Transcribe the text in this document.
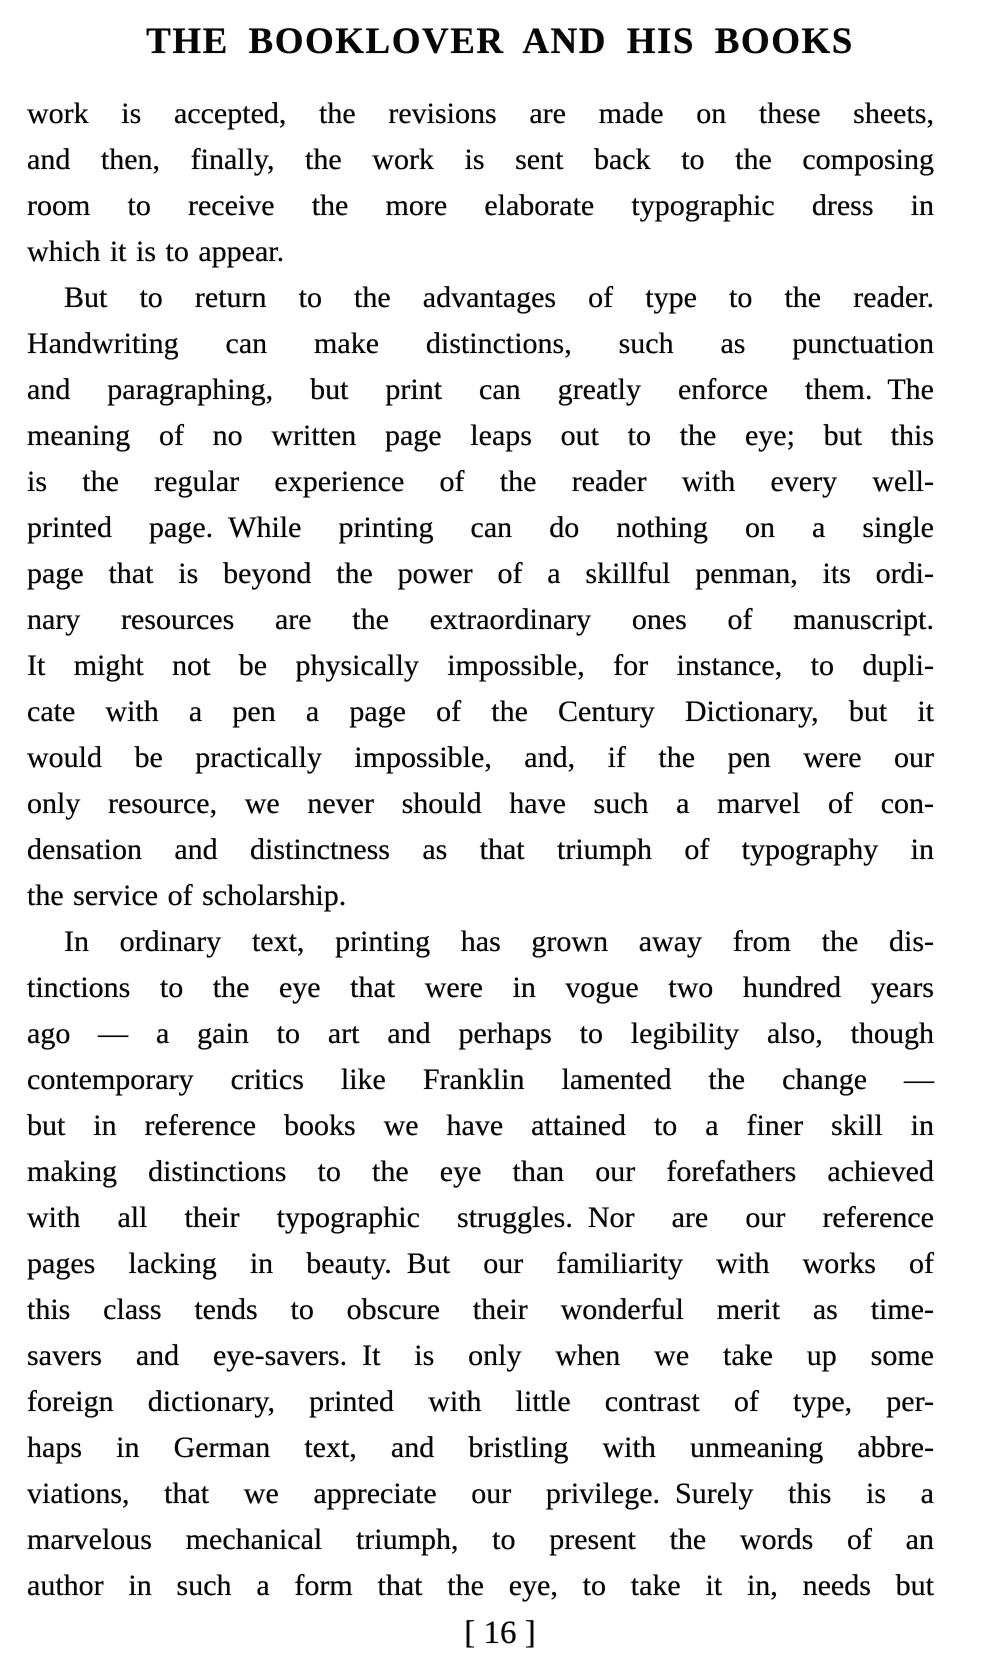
THE BOOKLOVER AND HIS BOOKS
work is accepted, the revisions are made on these sheets,
and then, finally, the work is sent back to the composing
room to receive the more elaborate typographic dress in
which it is to appear.
But to return to the advantages of type to the reader.
Handwriting can make distinctions, such as punctuation
and paragraphing, but print can greatly enforce them. The
meaning of no written page leaps out to the eye; but this
is the regular experience of the reader with every well-
printed page. While printing can do nothing on a single
page that is beyond the power of a skillful penman, its ordi-
nary resources are the extraordinary ones of manuscript.
It might not be physically impossible, for instance, to dupli-
cate with a pen a page of the Century Dictionary, but it
would be practically impossible, and, if the pen were our
only resource, we never should have such a marvel of con-
densation and distinctness as that triumph of typography in
the service of scholarship.
In ordinary text, printing has grown away from the dis-
tinctions to the eye that were in vogue two hundred years
ago — a gain to art and perhaps to legibility also, though
contemporary critics like Franklin lamented the change —
but in reference books we have attained to a finer skill in
making distinctions to the eye than our forefathers achieved
with all their typographic struggles. Nor are our reference
pages lacking in beauty. But our familiarity with works of
this class tends to obscure their wonderful merit as time-
savers and eye-savers. It is only when we take up some
foreign dictionary, printed with little contrast of type, per-
haps in German text, and bristling with unmeaning abbre-
viations, that we appreciate our privilege. Surely this is a
marvelous mechanical triumph, to present the words of an
author in such a form that the eye, to take it in, needs but
[ 16 ]
